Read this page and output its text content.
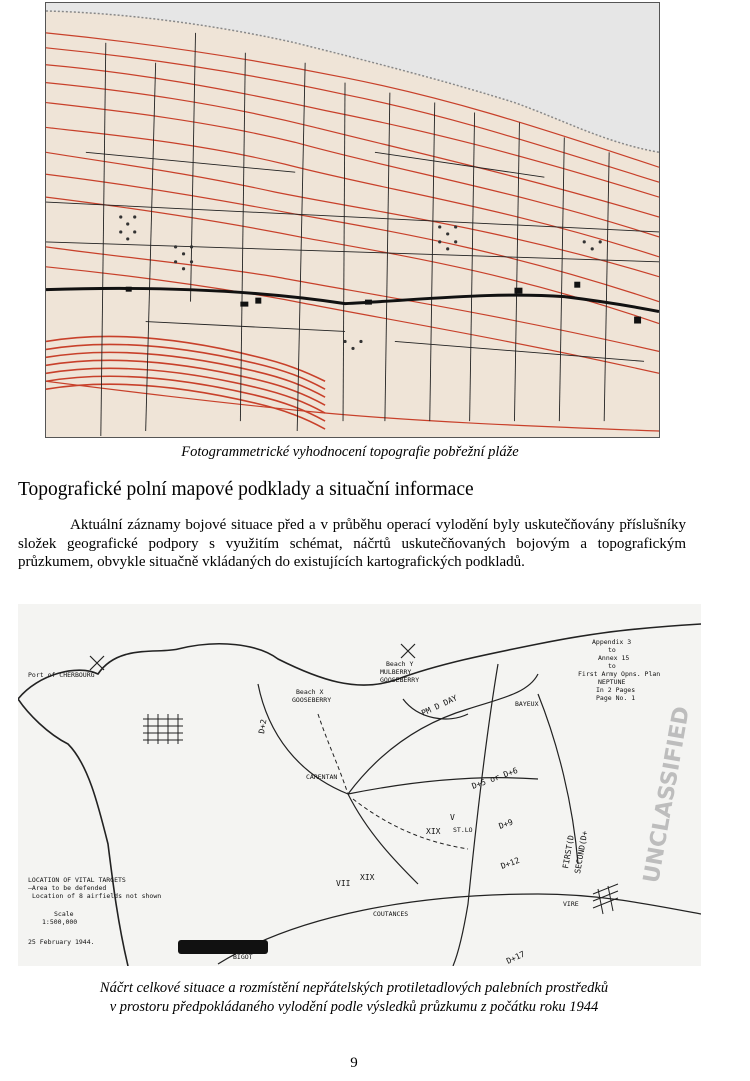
Fotogrammetrické vyhodnocení topografie pobřežní pláže
Topografické polní mapové podklady a situační informace
Aktuální záznamy bojové situace před a v průběhu operací vylodění byly uskutečňovány příslušníky složek geografické podpory s využitím schémat, náčrtů uskutečňovaných bojovým a topografickým průzkumem, obvykle situačně vkládaných do existujících kartografických podkladů.
Port of CHERBOURG
Beach Y
MULBERRY
GOOSEBERRY
Beach X
GOOSEBERRY	BAYEUX
CARENTAN
ST.LO
COUTANCES
VIRE
Appendix 3
to
Annex 15
to
First Army Opns. Plan
NEPTUNE
In 2 Pages
Page No. 1
LOCATION OF VITAL TARGETS
—Area to be defended
Location of 8 airfields not shown
Scale
1:500,000
25 February 1944.
BIGOT
D+2
PM D DAY
D+5 or D+6
D+9
D+12
D+17
FIRST(D
SECOND(D+
XIX
V
VII
XIX	UNCLASSIFIED
Náčrt celkové situace a rozmístění nepřátelských protiletadlových palebních prostředků
v prostoru předpokládaného vylodění podle výsledků průzkumu z počátku roku 1944
9
